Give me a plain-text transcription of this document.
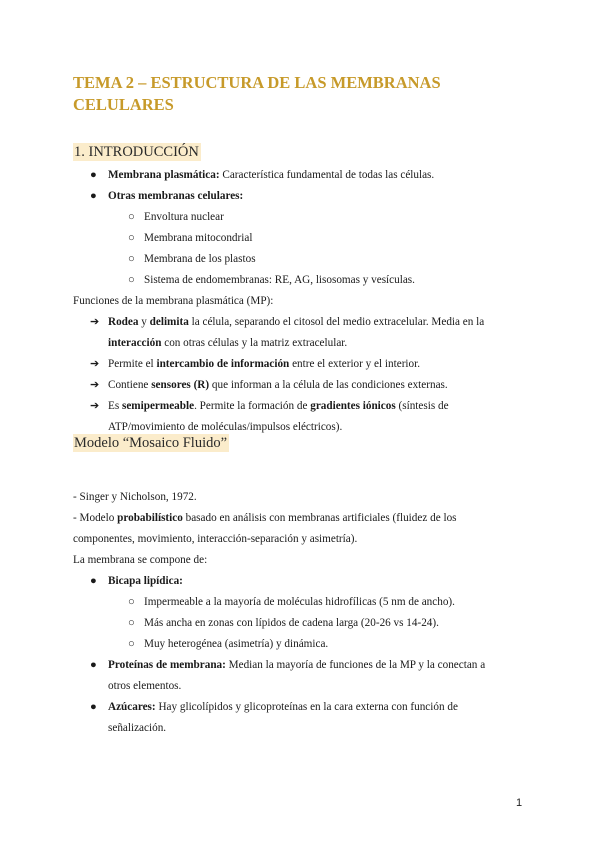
TEMA 2 – ESTRUCTURA DE LAS MEMBRANAS
CELULARES
1. INTRODUCCIÓN
● Membrana plasmática: Característica fundamental de todas las células.
● Otras membranas celulares:
○ Envoltura nuclear
○ Membrana mitocondrial
○ Membrana de los plastos
○ Sistema de endomembranas: RE, AG, lisosomas y vesículas.
Funciones de la membrana plasmática (MP):
➔ Rodea y delimita la célula, separando el citosol del medio extracelular. Media en la
interacción con otras células y la matriz extracelular.
➔ Permite el intercambio de información entre el exterior y el interior.
➔ Contiene sensores (R) que informan a la célula de las condiciones externas.
➔ Es semipermeable. Permite la formación de gradientes iónicos (síntesis de
ATP/movimiento de moléculas/impulsos eléctricos).
Modelo “Mosaico Fluido”
- Singer y Nicholson, 1972.
- Modelo probabilístico basado en análisis con membranas artificiales (fluidez de los
componentes, movimiento, interacción-separación y asimetría).
La membrana se compone de:
● Bicapa lipídica:
○ Impermeable a la mayoría de moléculas hidrofílicas (5 nm de ancho).
○ Más ancha en zonas con lípidos de cadena larga (20-26 vs 14-24).
○ Muy heterogénea (asimetría) y dinámica.
● Proteínas de membrana: Median la mayoría de funciones de la MP y la conectan a
otros elementos.
● Azúcares: Hay glicolípidos y glicoproteínas en la cara externa con función de
señalización.
1
